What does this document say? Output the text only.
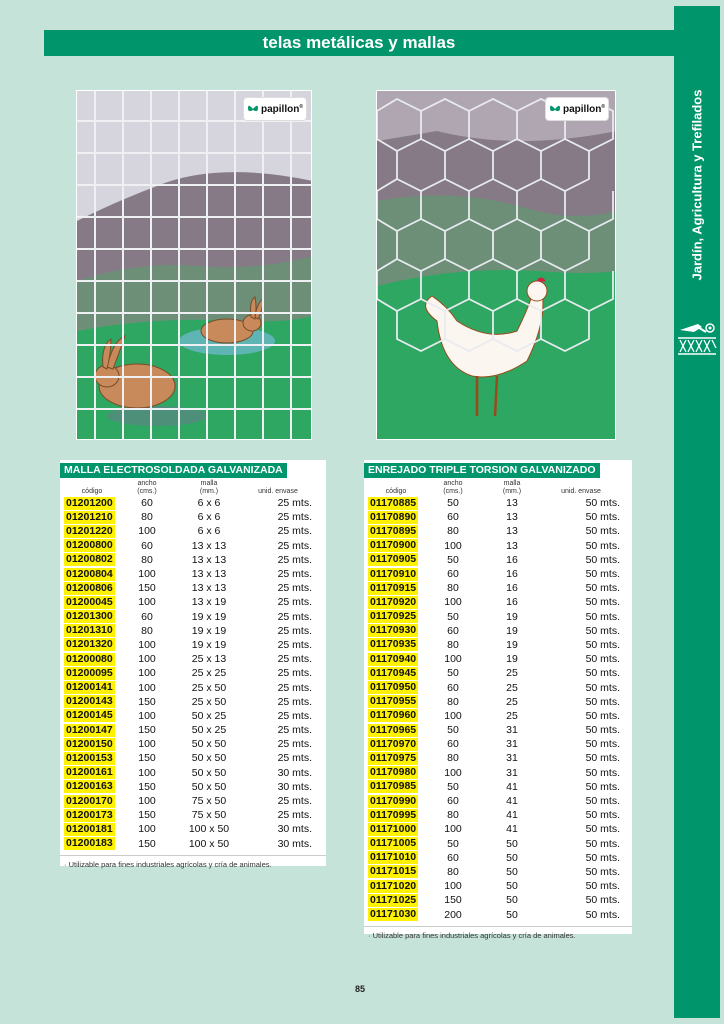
telas metálicas y mallas
Jardín, Agricultura y Trefilados
papillon®	papillon®
MALLA ELECTROSOLDADA GALVANIZADA
código
ancho
(cms.)
malla
(mm.)	unid. envase
01201200	60	6 x 6	25 mts.
01201210	80	6 x 6	25 mts.
01201220	100	6 x 6	25 mts.
01200800	60	13 x 13	25 mts.
01200802	80	13 x 13	25 mts.
01200804	100	13 x 13	25 mts.
01200806	150	13 x 13	25 mts.
01200045	100	13 x 19	25 mts.
01201300	60	19 x 19	25 mts.
01201310	80	19 x 19	25 mts.
01201320	100	19 x 19	25 mts.
01200080	100	25 x 13	25 mts.
01200095	100	25 x 25	25 mts.
01200141	100	25 x 50	25 mts.
01200143	150	25 x 50	25 mts.
01200145	100	50 x 25	25 mts.
01200147	150	50 x 25	25 mts.
01200150	100	50 x 50	25 mts.
01200153	150	50 x 50	25 mts.
01200161	100	50 x 50	30 mts.
01200163	150	50 x 50	30 mts.
01200170	100	75 x 50	25 mts.
01200173	150	75 x 50	25 mts.
01200181	100	100 x 50	30 mts.
01200183	150	100 x 50	30 mts.
· Utilizable para fines industriales agrícolas y cría de animales.
ENREJADO TRIPLE TORSION GALVANIZADO
código
ancho
(cms.)
malla
(mm.)	unid. envase
01170885	50	13	50 mts.
01170890	60	13	50 mts.
01170895	80	13	50 mts.
01170900	100	13	50 mts.
01170905	50	16	50 mts.
01170910	60	16	50 mts.
01170915	80	16	50 mts.
01170920	100	16	50 mts.
01170925	50	19	50 mts.
01170930	60	19	50 mts.
01170935	80	19	50 mts.
01170940	100	19	50 mts.
01170945	50	25	50 mts.
01170950	60	25	50 mts.
01170955	80	25	50 mts.
01170960	100	25	50 mts.
01170965	50	31	50 mts.
01170970	60	31	50 mts.
01170975	80	31	50 mts.
01170980	100	31	50 mts.
01170985	50	41	50 mts.
01170990	60	41	50 mts.
01170995	80	41	50 mts.
01171000	100	41	50 mts.
01171005	50	50	50 mts.
01171010	60	50	50 mts.
01171015	80	50	50 mts.
01171020	100	50	50 mts.
01171025	150	50	50 mts.
01171030	200	50	50 mts.
· Utilizable para fines industriales agrícolas y cría de animales.
85
